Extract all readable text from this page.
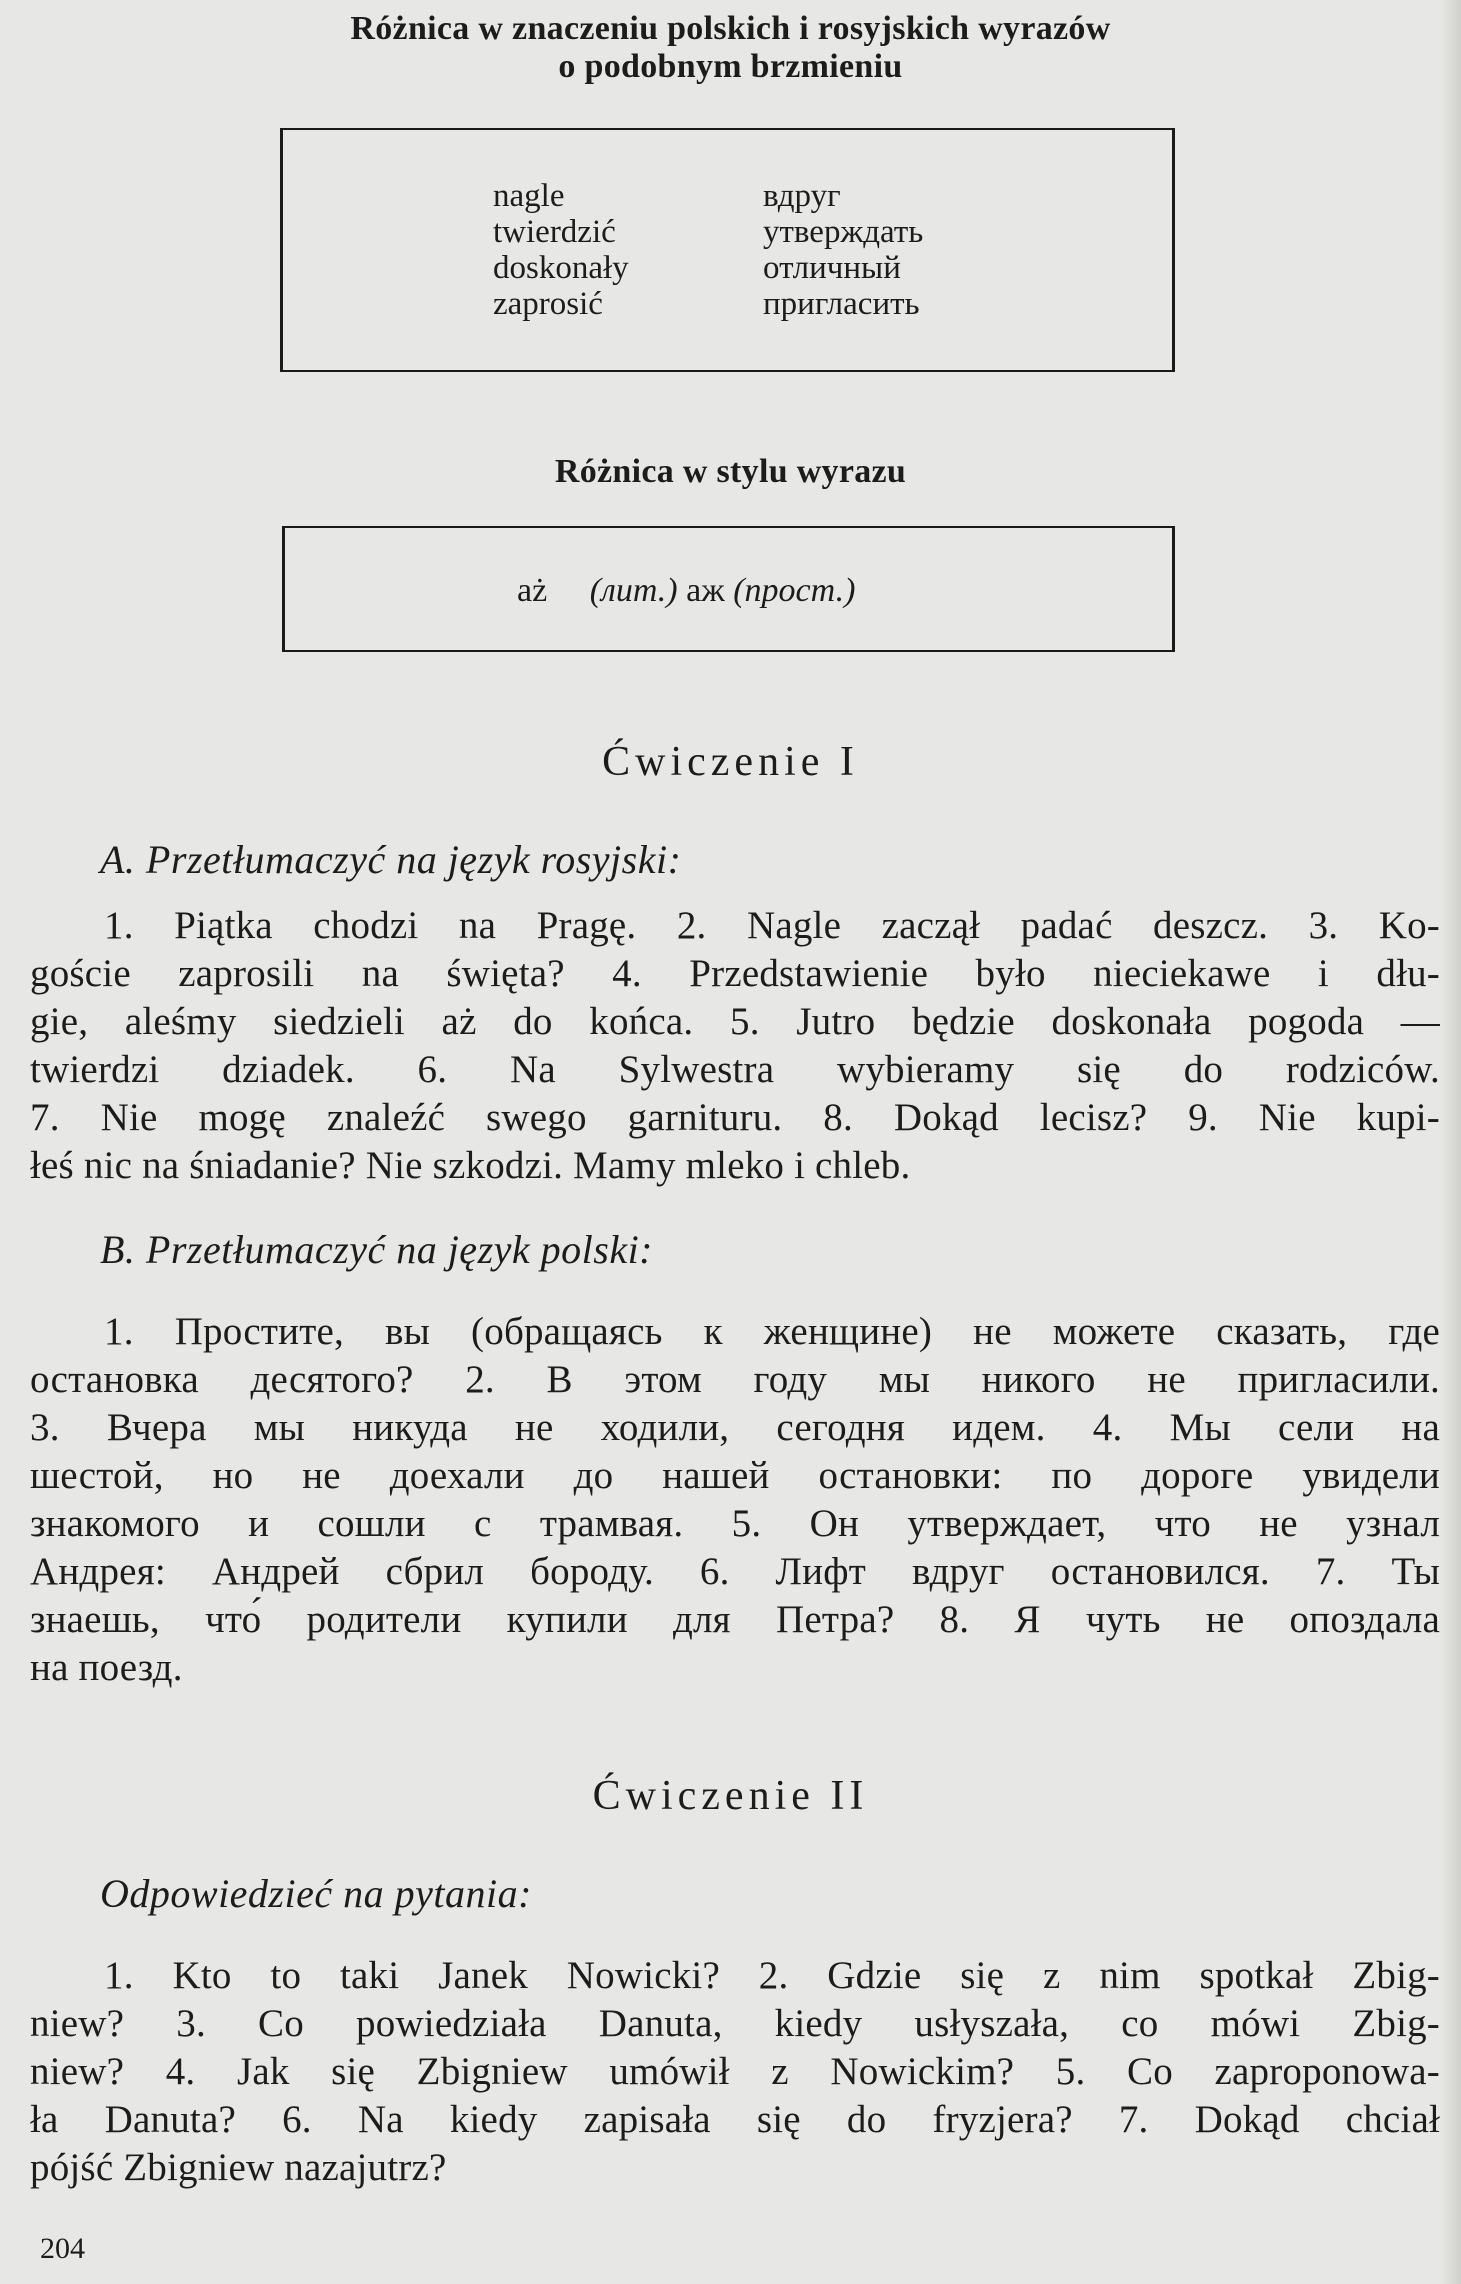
Różnica w znaczeniu polskich i rosyjskich wyrazów
o podobnym brzmieniu
nagle
twierdzić
doskonały
zaprosić
вдруг
утверждать
отличный
пригласить
Różnica w stylu wyrazu
aż (лит.) аж (прост.)
Ćwiczenie I
A. Przetłumaczyć na język rosyjski:
1. Piątka chodzi na Pragę. 2. Nagle zaczął padać deszcz. 3. Ko-
goście zaprosili na święta? 4. Przedstawienie było nieciekawe i dłu-
gie, aleśmy siedzieli aż do końca. 5. Jutro będzie doskonała pogoda —
twierdzi dziadek. 6. Na Sylwestra wybieramy się do rodziców.
7. Nie mogę znaleźć swego garnituru. 8. Dokąd lecisz? 9. Nie kupi-
łeś nic na śniadanie? Nie szkodzi. Mamy mleko i chleb.
B. Przetłumaczyć na język polski:
1. Простите, вы (обращаясь к женщине) не можете сказать, где
остановка десятого? 2. В этом году мы никого не пригласили.
3. Вчера мы никуда не ходили, сегодня идем. 4. Мы сели на
шестой, но не доехали до нашей остановки: по дороге увидели
знакомого и сошли с трамвая. 5. Он утверждает, что не узнал
Андрея: Андрей сбрил бороду. 6. Лифт вдруг остановился. 7. Ты
знаешь, что́ родители купили для Петра? 8. Я чуть не опоздала
на поезд.
Ćwiczenie II
Odpowiedzieć na pytania:
1. Kto to taki Janek Nowicki? 2. Gdzie się z nim spotkał Zbig-
niew? 3. Co powiedziała Danuta, kiedy usłyszała, co mówi Zbig-
niew? 4. Jak się Zbigniew umówił z Nowickim? 5. Co zaproponowa-
ła Danuta? 6. Na kiedy zapisała się do fryzjera? 7. Dokąd chciał
pójść Zbigniew nazajutrz?
204
